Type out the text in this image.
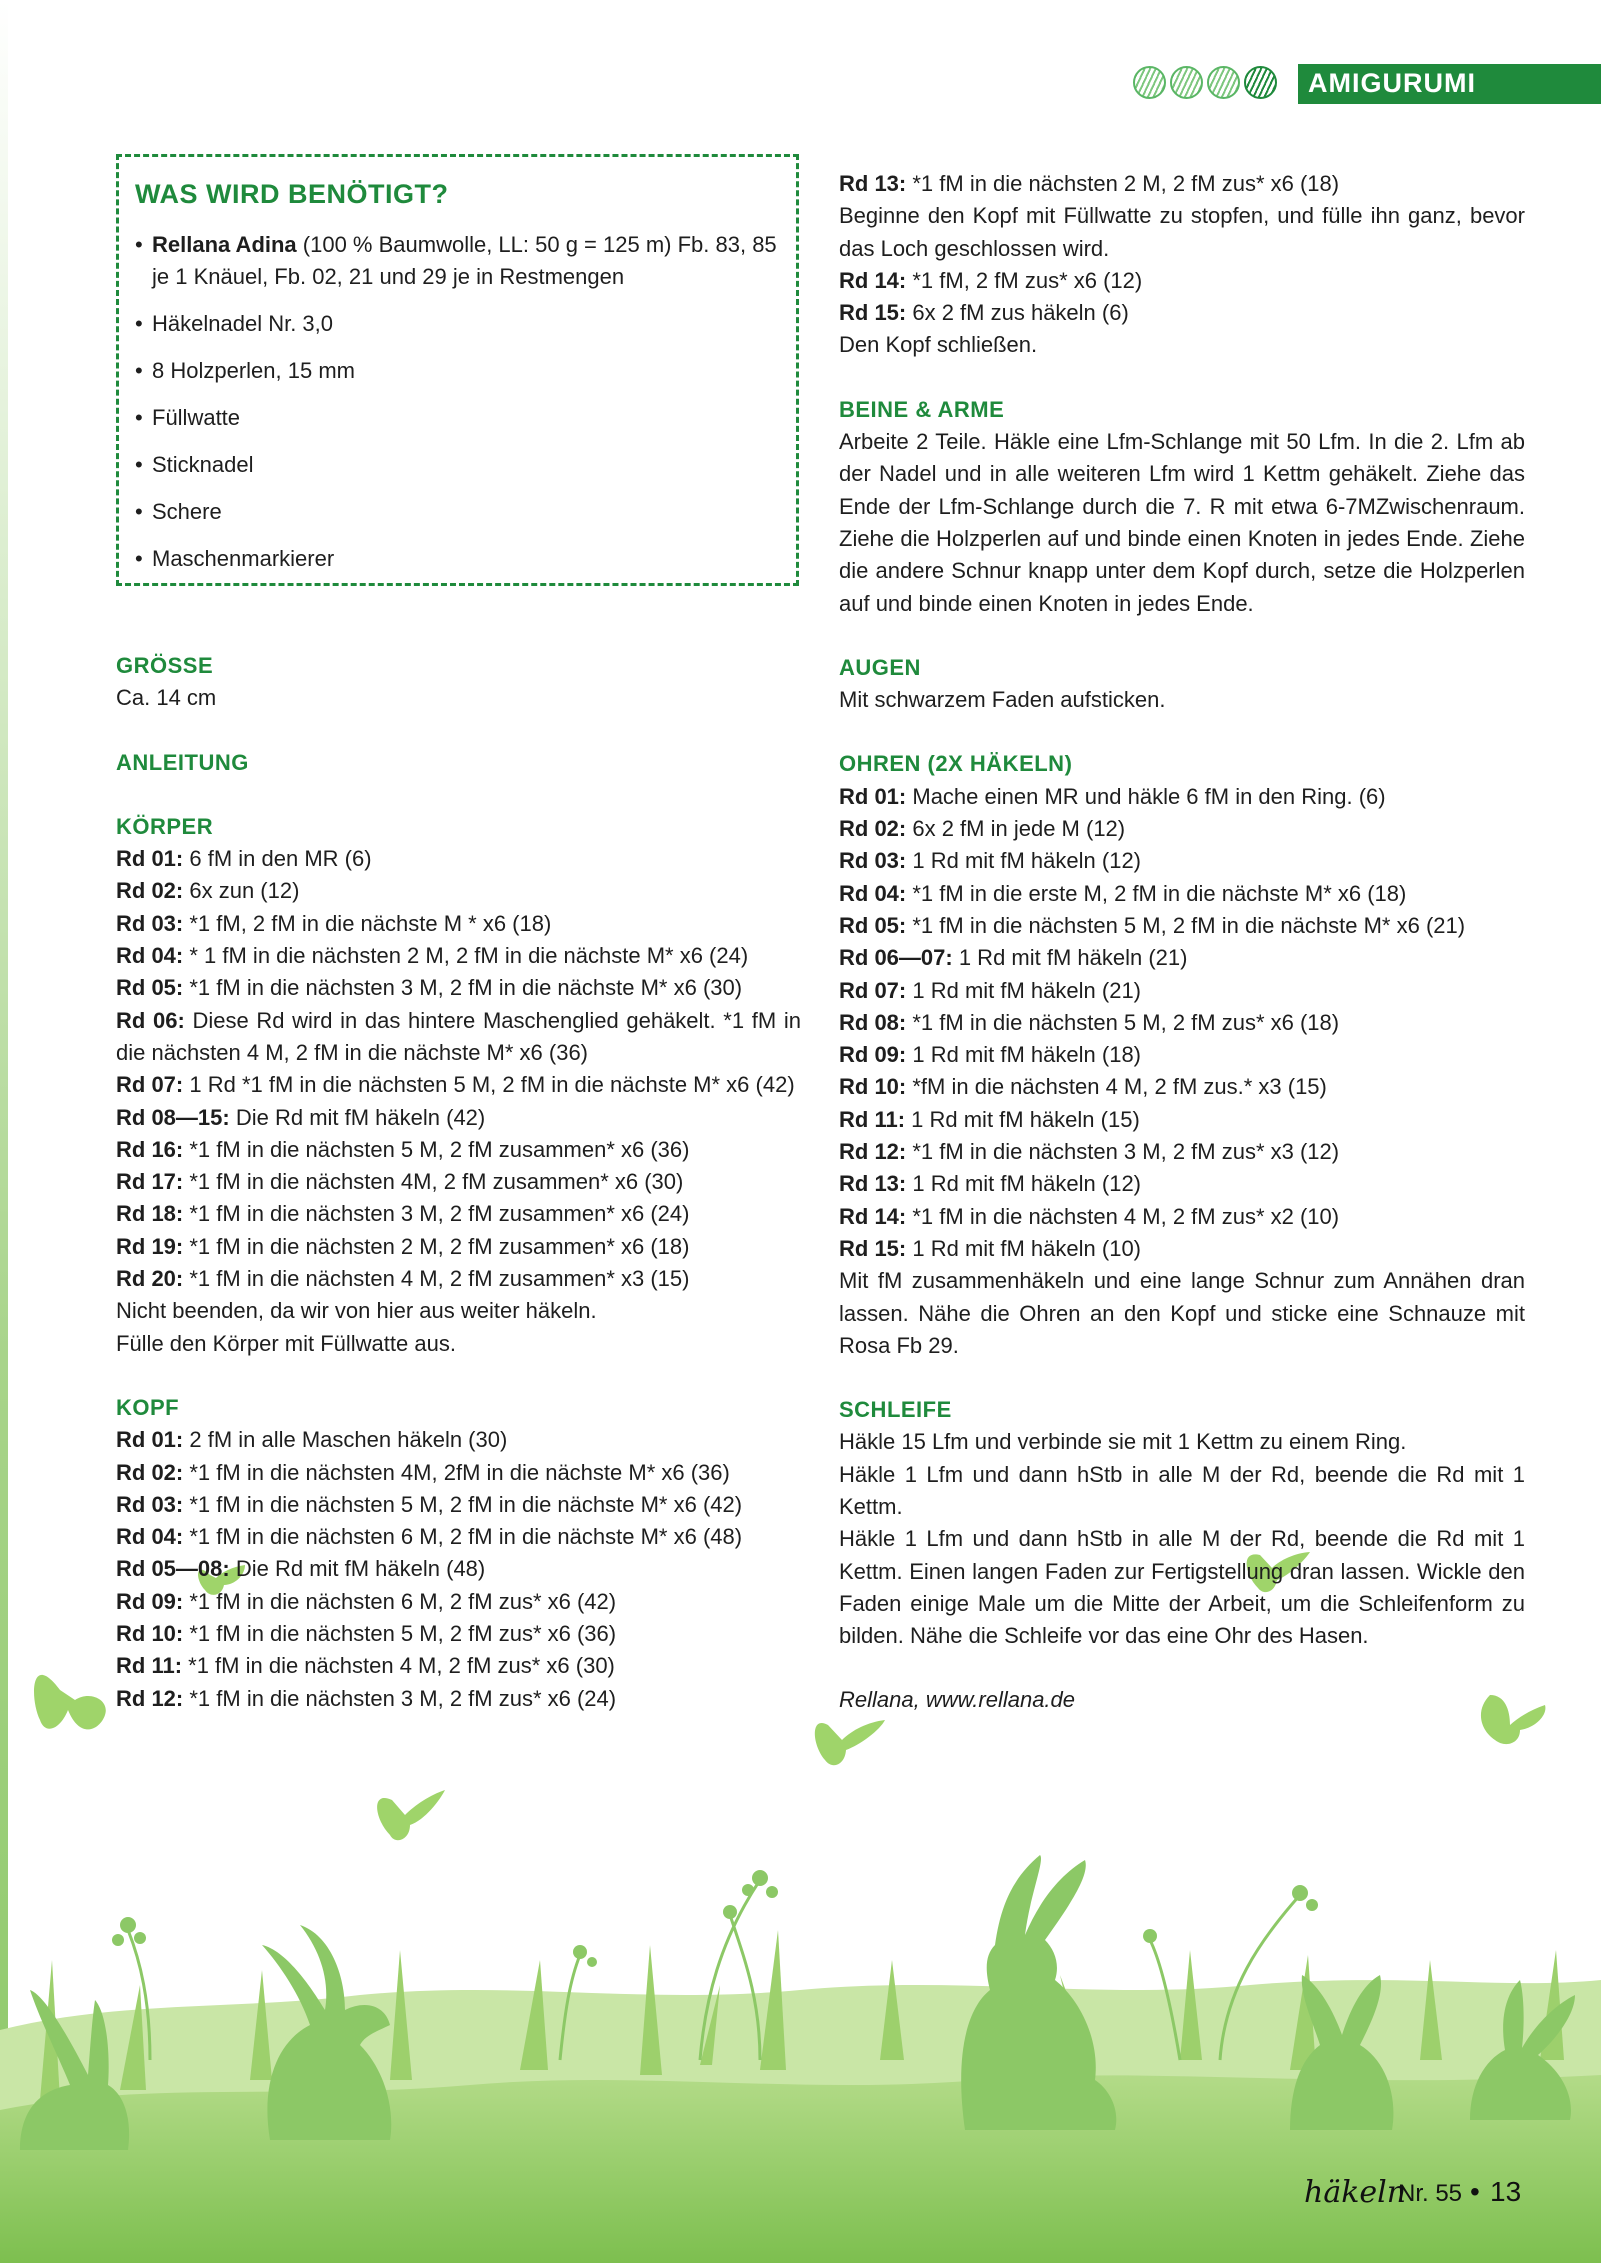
AMIGURUMI
WAS WIRD BENÖTIGT?
• Rellana Adina (100 % Baumwolle, LL: 50 g = 125 m) Fb. 83, 85 je 1 Knäuel, Fb. 02, 21 und 29 je in Restmengen
• Häkelnadel Nr. 3,0
• 8 Holzperlen, 15 mm
• Füllwatte
• Sticknadel
• Schere
• Maschenmarkierer

GRÖSSE

Ca. 14 cm

ANLEITUNG

KÖRPER

Rd 01: 6 fM in den MR (6)

Rd 02: 6x zun (12)

Rd 03: *1 fM, 2 fM in die nächste M * x6 (18)

Rd 04: * 1 fM in die nächsten 2 M, 2 fM in die nächste M* x6 (24)

Rd 05: *1 fM in die nächsten 3 M, 2 fM in die nächste M* x6 (30)

Rd 06: Diese Rd wird in das hintere Maschenglied gehäkelt. *1 fM in die nächsten 4 M, 2 fM in die nächste M* x6 (36)

Rd 07: 1 Rd *1 fM in die nächsten 5 M, 2 fM in die nächste M* x6 (42)

Rd 08—15: Die Rd mit fM häkeln (42)

Rd 16: *1 fM in die nächsten 5 M, 2 fM zusammen* x6 (36)

Rd 17: *1 fM in die nächsten 4M, 2 fM zusammen* x6 (30)

Rd 18: *1 fM in die nächsten 3 M, 2 fM zusammen* x6 (24)

Rd 19: *1 fM in die nächsten 2 M, 2 fM zusammen* x6 (18)

Rd 20: *1 fM in die nächsten 4 M, 2 fM zusammen* x3 (15)

Nicht beenden, da wir von hier aus weiter häkeln.

Fülle den Körper mit Füllwatte aus.

KOPF

Rd 01: 2 fM in alle Maschen häkeln (30)

Rd 02: *1 fM in die nächsten 4M, 2fM in die nächste M* x6 (36)

Rd 03: *1 fM in die nächsten 5 M, 2 fM in die nächste M* x6 (42)

Rd 04: *1 fM in die nächsten 6 M, 2 fM in die nächste M* x6 (48)

Rd 05—08: Die Rd mit fM häkeln (48)

Rd 09: *1 fM in die nächsten 6 M, 2 fM zus* x6 (42)

Rd 10: *1 fM in die nächsten 5 M, 2 fM zus* x6 (36)

Rd 11: *1 fM in die nächsten 4 M, 2 fM zus* x6 (30)

Rd 12: *1 fM in die nächsten 3 M, 2 fM zus* x6 (24)

Rd 13: *1 fM in die nächsten 2 M, 2 fM zus* x6 (18)

Beginne den Kopf mit Füllwatte zu stopfen, und fülle ihn ganz, bevor das Loch geschlossen wird.

Rd 14: *1 fM, 2 fM zus* x6 (12)

Rd 15: 6x 2 fM zus häkeln (6)

Den Kopf schließen.

BEINE & ARME

Arbeite 2 Teile. Häkle eine Lfm-Schlange mit 50 Lfm. In die 2. Lfm ab der Nadel und in alle weiteren Lfm wird 1 Kettm gehäkelt. Ziehe das Ende der Lfm-Schlange durch die 7. R mit etwa 6-7MZwischenraum. Ziehe die Holzperlen auf und binde einen Knoten in jedes Ende. Ziehe die andere Schnur knapp unter dem Kopf durch, setze die Holzperlen auf und binde einen Knoten in jedes Ende.

AUGEN

Mit schwarzem Faden aufsticken.

OHREN (2X HÄKELN)

Rd 01: Mache einen MR und häkle 6 fM in den Ring. (6)

Rd 02: 6x 2 fM in jede M (12)

Rd 03: 1 Rd mit fM häkeln (12)

Rd 04: *1 fM in die erste M, 2 fM in die nächste M* x6 (18)

Rd 05: *1 fM in die nächsten 5 M, 2 fM in die nächste M* x6 (21)

Rd 06—07: 1 Rd mit fM häkeln (21)

Rd 07: 1 Rd mit fM häkeln (21)

Rd 08: *1 fM in die nächsten 5 M, 2 fM zus* x6 (18)

Rd 09: 1 Rd mit fM häkeln (18)

Rd 10: *fM in die nächsten 4 M, 2 fM zus.* x3 (15)

Rd 11: 1 Rd mit fM häkeln (15)

Rd 12: *1 fM in die nächsten 3 M, 2 fM zus* x3 (12)

Rd 13: 1 Rd mit fM häkeln (12)

Rd 14: *1 fM in die nächsten 4 M, 2 fM zus* x2 (10)

Rd 15: 1 Rd mit fM häkeln (10)

Mit fM zusammenhäkeln und eine lange Schnur zum Annähen dran lassen. Nähe die Ohren an den Kopf und sticke eine Schnauze mit Rosa Fb 29.

SCHLEIFE

Häkle 15 Lfm und verbinde sie mit 1 Kettm zu einem Ring.

Häkle 1 Lfm und dann hStb in alle M der Rd, beende die Rd mit 1 Kettm.

Häkle 1 Lfm und dann hStb in alle M der Rd, beende die Rd mit 1 Kettm. Einen langen Faden zur Fertigstellung dran lassen. Wickle den Faden einige Male um die Mitte der Arbeit, um die Schleifenform zu bilden. Nähe die Schleife vor das eine Ohr des Hasen.

Rellana, www.rellana.de

häkeln
Nr. 55 • 13
